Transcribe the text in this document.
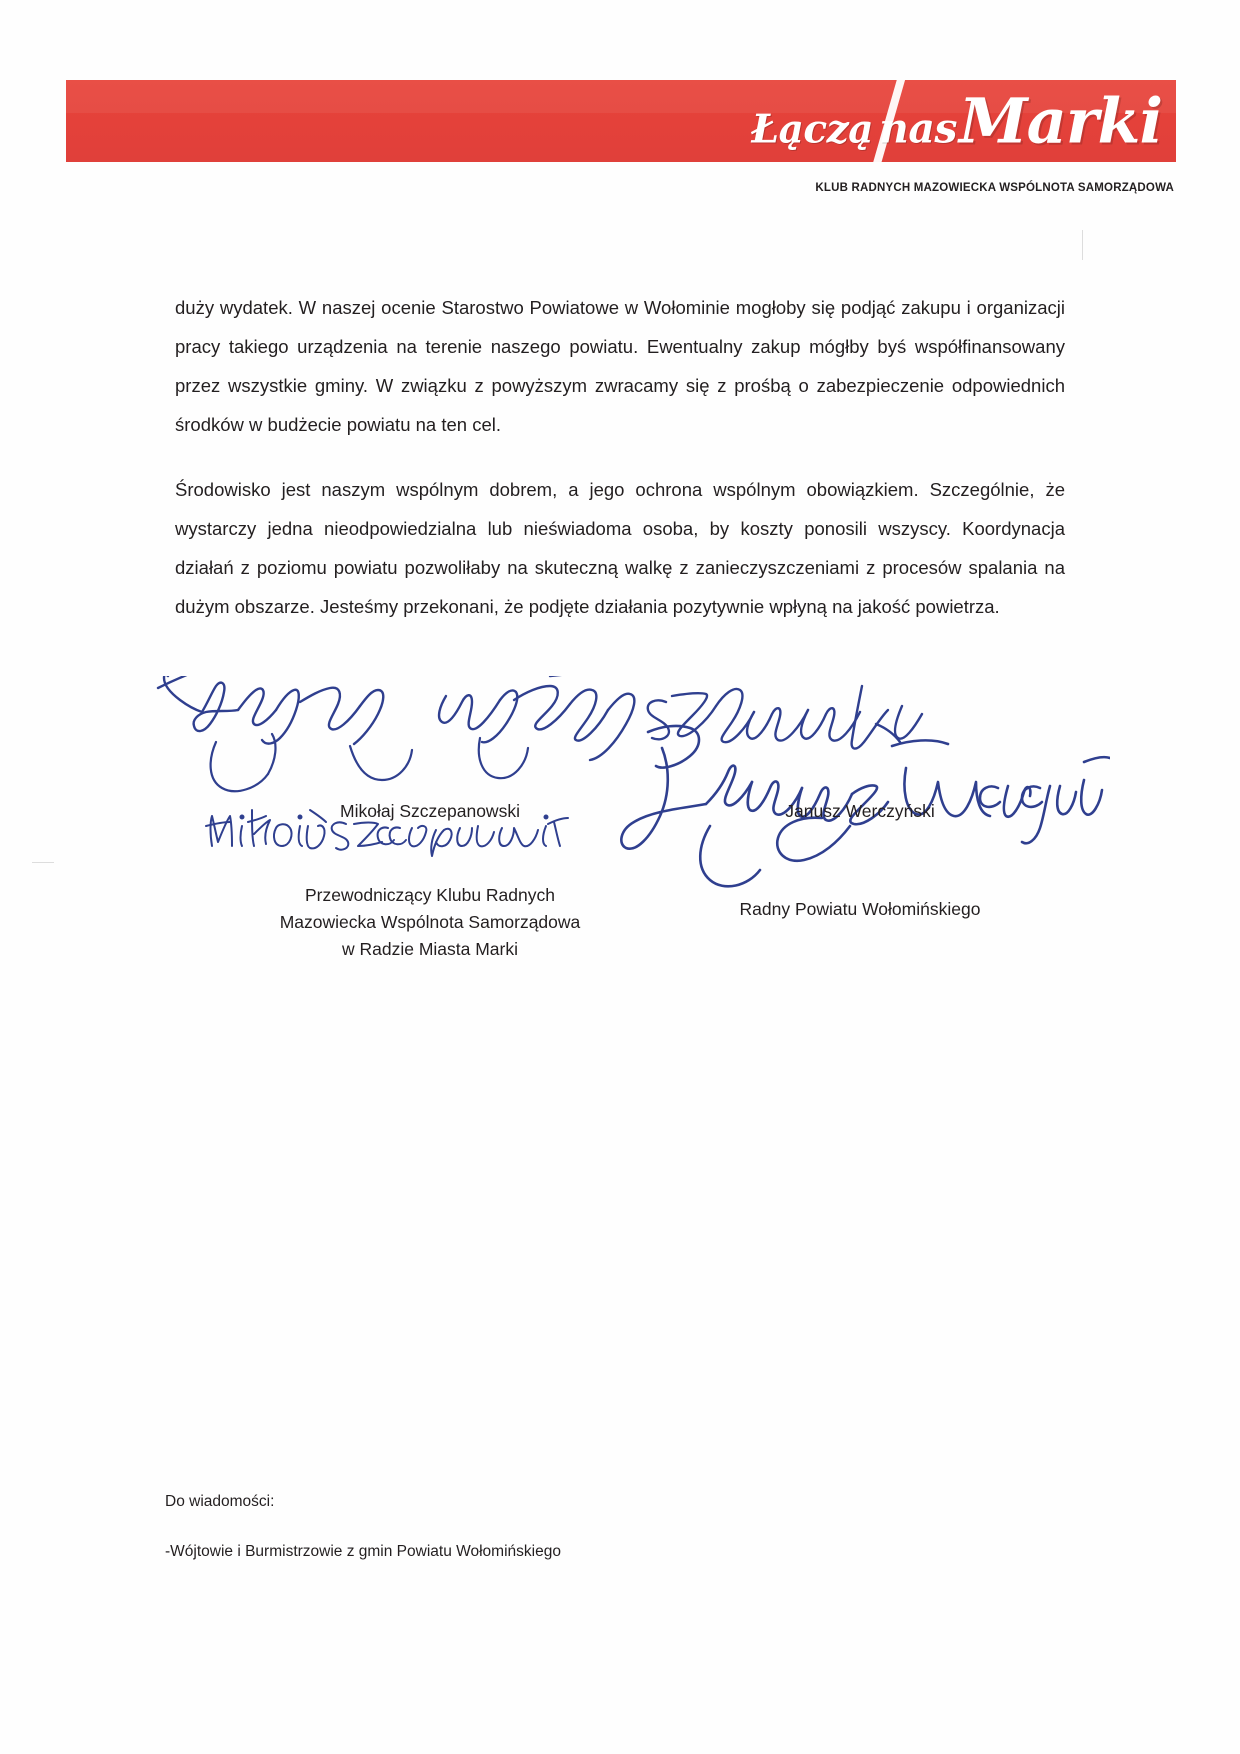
Łączą nas Marki
KLUB RADNYCH MAZOWIECKA WSPÓLNOTA SAMORZĄDOWA

duży wydatek. W naszej ocenie Starostwo Powiatowe w Wołominie mogłoby się podjąć zakupu i organizacji pracy takiego urządzenia na terenie naszego powiatu. Ewentualny zakup mógłby byś współfinansowany przez wszystkie gminy. W związku z powyższym zwracamy się z prośbą o zabezpieczenie odpowiednich środków w budżecie powiatu na ten cel.

Środowisko jest naszym wspólnym dobrem, a jego ochrona wspólnym obowiązkiem. Szczególnie, że wystarczy jedna nieodpowiedzialna lub nieświadoma osoba, by koszty ponosili wszyscy. Koordynacja działań z poziomu powiatu pozwoliłaby na skuteczną walkę z zanieczyszczeniami z procesów spalania na dużym obszarze. Jesteśmy przekonani, że podjęte działania pozytywnie wpłyną na jakość powietrza.

Mikołaj Szczepanowski
Przewodniczący Klubu Radnych
Mazowiecka Wspólnota Samorządowa
w Radzie Miasta Marki
Janusz Werczyński
Radny Powiatu Wołomińskiego

Do wiadomości:

-Wójtowie i Burmistrzowie z gmin Powiatu Wołomińskiego
